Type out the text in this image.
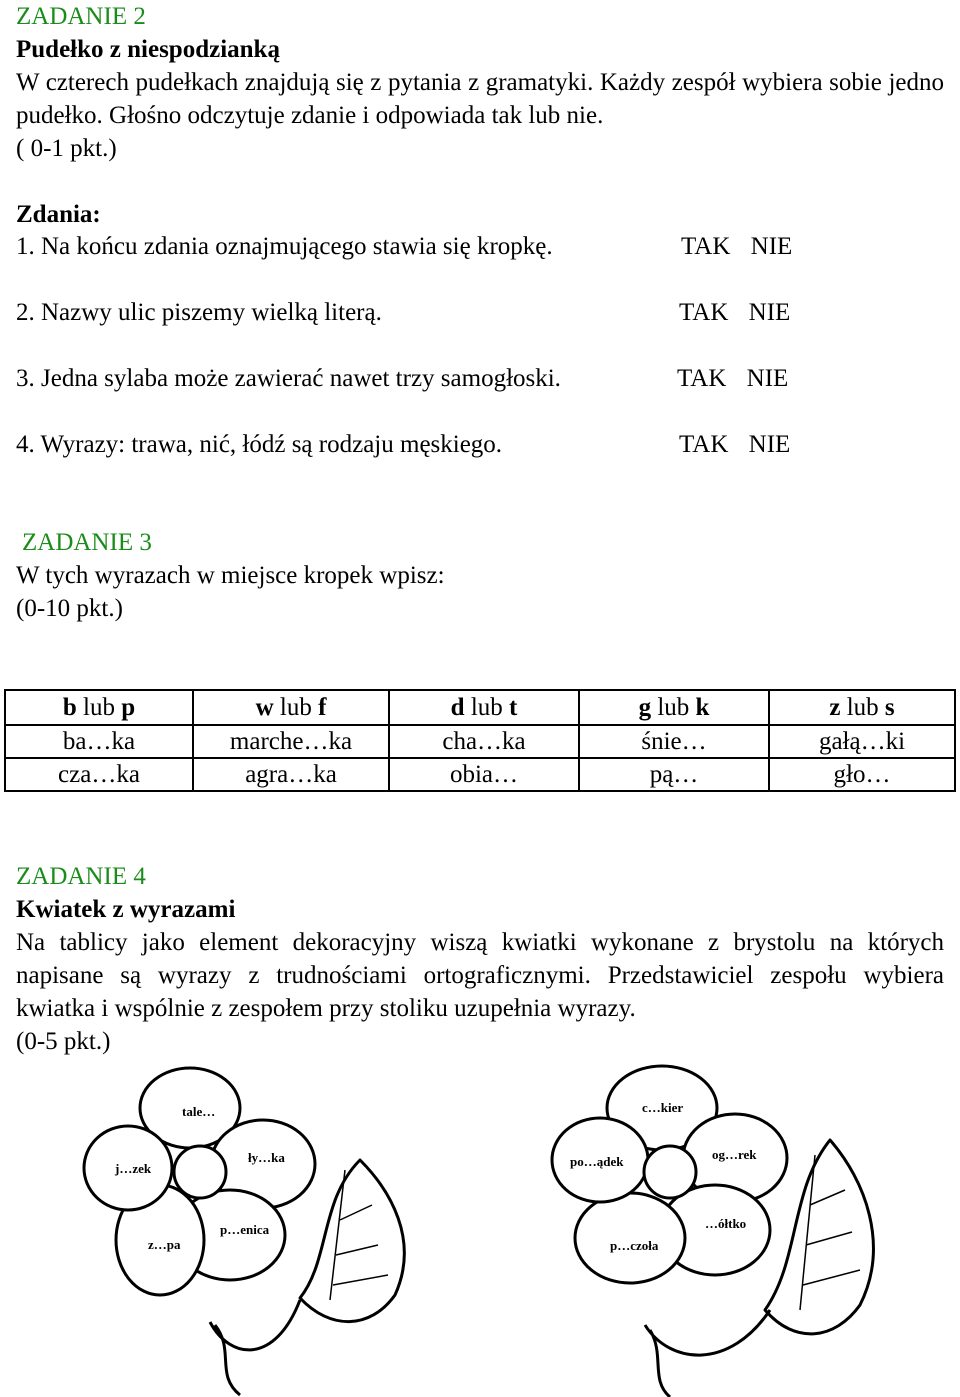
ZADANIE 2
Pudełko z niespodzianką
W czterech pudełkach znajdują się z pytania z gramatyki. Każdy zespół wybiera sobie jedno pudełko. Głośno odczytuje zdanie i odpowiada tak lub nie.
( 0-1 pkt.)
Zdania:
1. Na końcu zdania oznajmującego stawia się kropkę.	TAK NIE
2. Nazwy ulic piszemy wielką literą.	TAK NIE
3. Jedna sylaba może zawierać nawet trzy samogłoski.	TAK NIE
4. Wyrazy: trawa, nić, łódź są rodzaju męskiego.	TAK NIE
ZADANIE 3
W tych wyrazach w miejsce kropek wpisz:
(0-10 pkt.)
b lub p	w lub f	d lub t	g lub k	z lub s
ba…ka	marche…ka	cha…ka	śnie…	gałą…ki
cza…ka	agra…ka	obia…	pą…	gło…
ZADANIE 4
Kwiatek z wyrazami
Na tablicy jako element dekoracyjny wiszą kwiatki wykonane z brystolu na których napisane są wyrazy z trudnościami ortograficznymi. Przedstawiciel zespołu wybiera kwiatka i wspólnie z zespołem przy stoliku uzupełnia wyrazy.
(0-5 pkt.)
tale…
ły…ka
p…enica
z…pa
j…zek
c…kier
og…rek
…ółtko
p…czoła
po…ądek
